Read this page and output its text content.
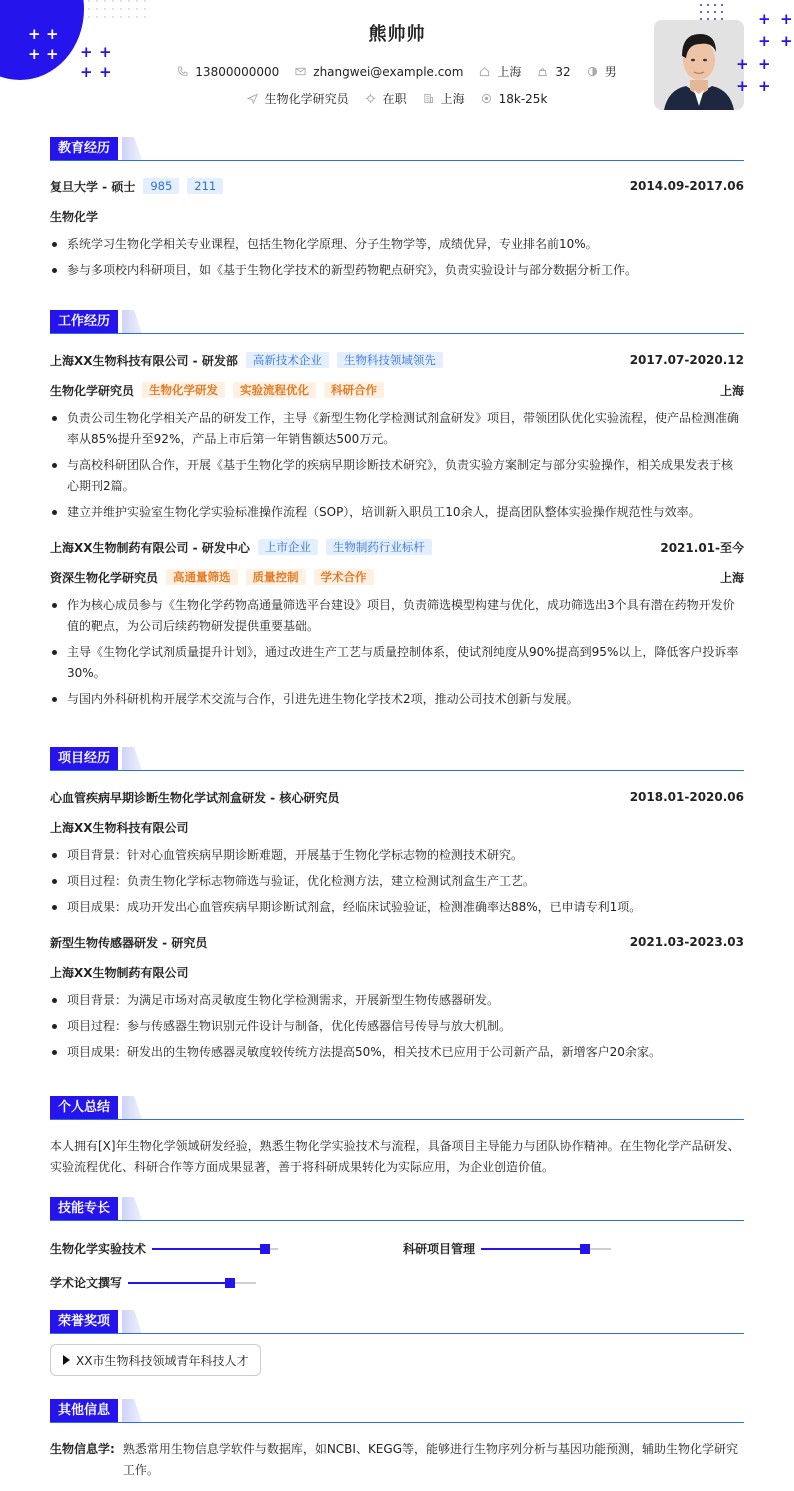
+ +
+ + + +
+ +
+ +
+ +
+ +
+ +
熊帅帅
13800000000	zhangwei@example.com	上海	32	男
生物化学研究员	在职	上海	18k-25k
教育经历
复旦大学 - 硕士	985	211	2014.09-2017.06
生物化学
系统学习生物化学相关专业课程，包括生物化学原理、分子生物学等，成绩优异，专业排名前10%。
参与多项校内科研项目，如《基于生物化学技术的新型药物靶点研究》，负责实验设计与部分数据分析工作。
工作经历
上海XX生物科技有限公司 - 研发部	高新技术企业	生物科技领域领先	2017.07-2020.12
生物化学研究员	生物化学研发	实验流程优化	科研合作	上海
负责公司生物化学相关产品的研发工作，主导《新型生物化学检测试剂盒研发》项目，带领团队优化实验流程，使产品检测准确率从85%提升至92%，产品上市后第一年销售额达500万元。
与高校科研团队合作，开展《基于生物化学的疾病早期诊断技术研究》，负责实验方案制定与部分实验操作，相关成果发表于核心期刊2篇。
建立并维护实验室生物化学实验标准操作流程（SOP），培训新入职员工10余人，提高团队整体实验操作规范性与效率。
上海XX生物制药有限公司 - 研发中心	上市企业	生物制药行业标杆	2021.01-至今
资深生物化学研究员	高通量筛选	质量控制	学术合作	上海
作为核心成员参与《生物化学药物高通量筛选平台建设》项目，负责筛选模型构建与优化，成功筛选出3个具有潜在药物开发价值的靶点，为公司后续药物研发提供重要基础。
主导《生物化学试剂质量提升计划》，通过改进生产工艺与质量控制体系，使试剂纯度从90%提高到95%以上，降低客户投诉率30%。
与国内外科研机构开展学术交流与合作，引进先进生物化学技术2项，推动公司技术创新与发展。
项目经历
心血管疾病早期诊断生物化学试剂盒研发 - 核心研究员	2018.01-2020.06
上海XX生物科技有限公司
项目背景：针对心血管疾病早期诊断难题，开展基于生物化学标志物的检测技术研究。
项目过程：负责生物化学标志物筛选与验证，优化检测方法，建立检测试剂盒生产工艺。
项目成果：成功开发出心血管疾病早期诊断试剂盒，经临床试验验证，检测准确率达88%，已申请专利1项。
新型生物传感器研发 - 研究员	2021.03-2023.03
上海XX生物制药有限公司
项目背景：为满足市场对高灵敏度生物化学检测需求，开展新型生物传感器研发。
项目过程：参与传感器生物识别元件设计与制备，优化传感器信号传导与放大机制。
项目成果：研发出的生物传感器灵敏度较传统方法提高50%，相关技术已应用于公司新产品，新增客户20余家。
个人总结
本人拥有[X]年生物化学领域研发经验，熟悉生物化学实验技术与流程，具备项目主导能力与团队协作精神。在生物化学产品研发、实验流程优化、科研合作等方面成果显著，善于将科研成果转化为实际应用，为企业创造价值。
技能专长
生物化学实验技术	科研项目管理
学术论文撰写
荣誉奖项
XX市生物科技领域青年科技人才
其他信息
生物信息学: 熟悉常用生物信息学软件与数据库，如NCBI、KEGG等，能够进行生物序列分析与基因功能预测，辅助生物化学研究工作。
